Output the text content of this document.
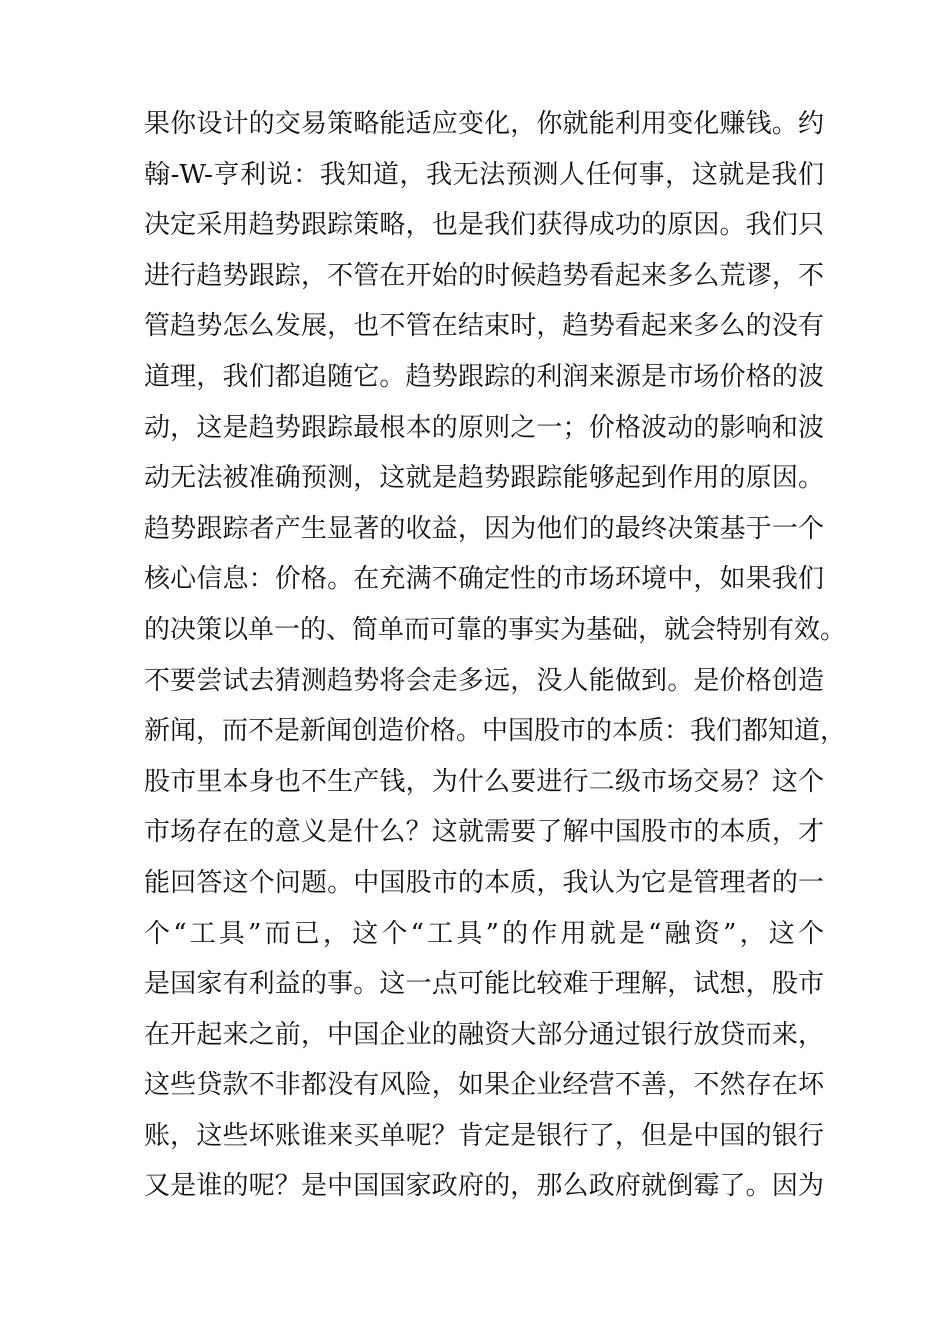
果你设计的交易策略能适应变化，你就能利用变化赚钱。约
翰-W-亨利说：我知道，我无法预测人任何事，这就是我们
决定采用趋势跟踪策略，也是我们获得成功的原因。我们只
进行趋势跟踪，不管在开始的时候趋势看起来多么荒谬，不
管趋势怎么发展，也不管在结束时，趋势看起来多么的没有
道理，我们都追随它。趋势跟踪的利润来源是市场价格的波
动，这是趋势跟踪最根本的原则之一；价格波动的影响和波
动无法被准确预测，这就是趋势跟踪能够起到作用的原因。
趋势跟踪者产生显著的收益，因为他们的最终决策基于一个
核心信息：价格。在充满不确定性的市场环境中，如果我们
的决策以单一的、简单而可靠的事实为基础，就会特别有效。
不要尝试去猜测趋势将会走多远，没人能做到。是价格创造
新闻，而不是新闻创造价格。中国股市的本质：我们都知道，
股市里本身也不生产钱，为什么要进行二级市场交易？这个
市场存在的意义是什么？这就需要了解中国股市的本质，才
能回答这个问题。中国股市的本质，我认为它是管理者的一
个“工具”而已，这个“工具”的作用就是“融资”，这个
是国家有利益的事。这一点可能比较难于理解，试想，股市
在开起来之前，中国企业的融资大部分通过银行放贷而来，
这些贷款不非都没有风险，如果企业经营不善，不然存在坏
账，这些坏账谁来买单呢？肯定是银行了，但是中国的银行
又是谁的呢？是中国国家政府的，那么政府就倒霉了。因为
